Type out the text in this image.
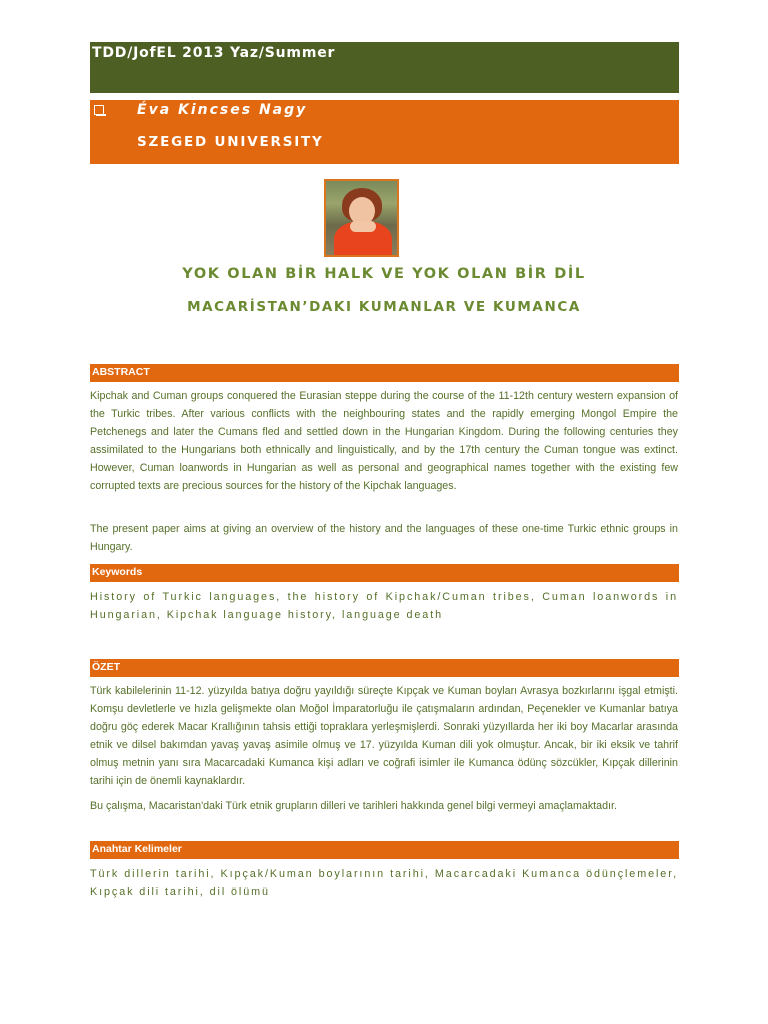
TDD/JofEL 2013 Yaz/Summer
Éva Kincses Nagy
SZEGED UNIVERSITY
YOK OLAN BİR HALK VE YOK OLAN BİR DİL
MACARİSTAN’DAKI KUMANLAR VE KUMANCA
ABSTRACT

Kipchak and Cuman groups conquered the Eurasian steppe during the course of the 11-12th century western expansion of the Turkic tribes. After various conflicts with the neighbouring states and the rapidly emerging Mongol Empire the Petchenegs and later the Cumans fled and settled down in the Hungarian Kingdom. During the following centuries they assimilated to the Hungarians both ethnically and linguistically, and by the 17th century the Cuman tongue was extinct. However, Cuman loanwords in Hungarian as well as personal and geographical names together with the existing few corrupted texts are precious sources for the history of the Kipchak languages.

The present paper aims at giving an overview of the history and the languages of these one-time Turkic ethnic groups in Hungary.

Keywords

History of Turkic languages, the history of Kipchak/Cuman tribes, Cuman loanwords in Hungarian, Kipchak language history, language death

ÖZET

Türk kabilelerinin 11-12. yüzyılda batıya doğru yayıldığı süreçte Kıpçak ve Kuman boyları Avrasya bozkırlarını işgal etmişti. Komşu devletlerle ve hızla gelişmekte olan Moğol İmparatorluğu ile çatışmaların ardından, Peçenekler ve Kumanlar batıya doğru göç ederek Macar Krallığının tahsis ettiği topraklara yerleşmişlerdi. Sonraki yüzyıllarda her iki boy Macarlar arasında etnik ve dilsel bakımdan yavaş yavaş asimile olmuş ve 17. yüzyılda Kuman dili yok olmuştur. Ancak, bir iki eksik ve tahrif olmuş metnin yanı sıra Macarcadaki Kumanca kişi adları ve coğrafi isimler ile Kumanca ödünç sözcükler, Kıpçak dillerinin tarihi için de önemli kaynaklardır.

Bu çalışma, Macaristan'daki Türk etnik grupların dilleri ve tarihleri hakkında genel bilgi vermeyi amaçlamaktadır.

Anahtar Kelimeler

Türk dillerin tarihi, Kıpçak/Kuman boylarının tarihi, Macarcadaki Kumanca ödünçlemeler, Kıpçak dili tarihi, dil ölümü
